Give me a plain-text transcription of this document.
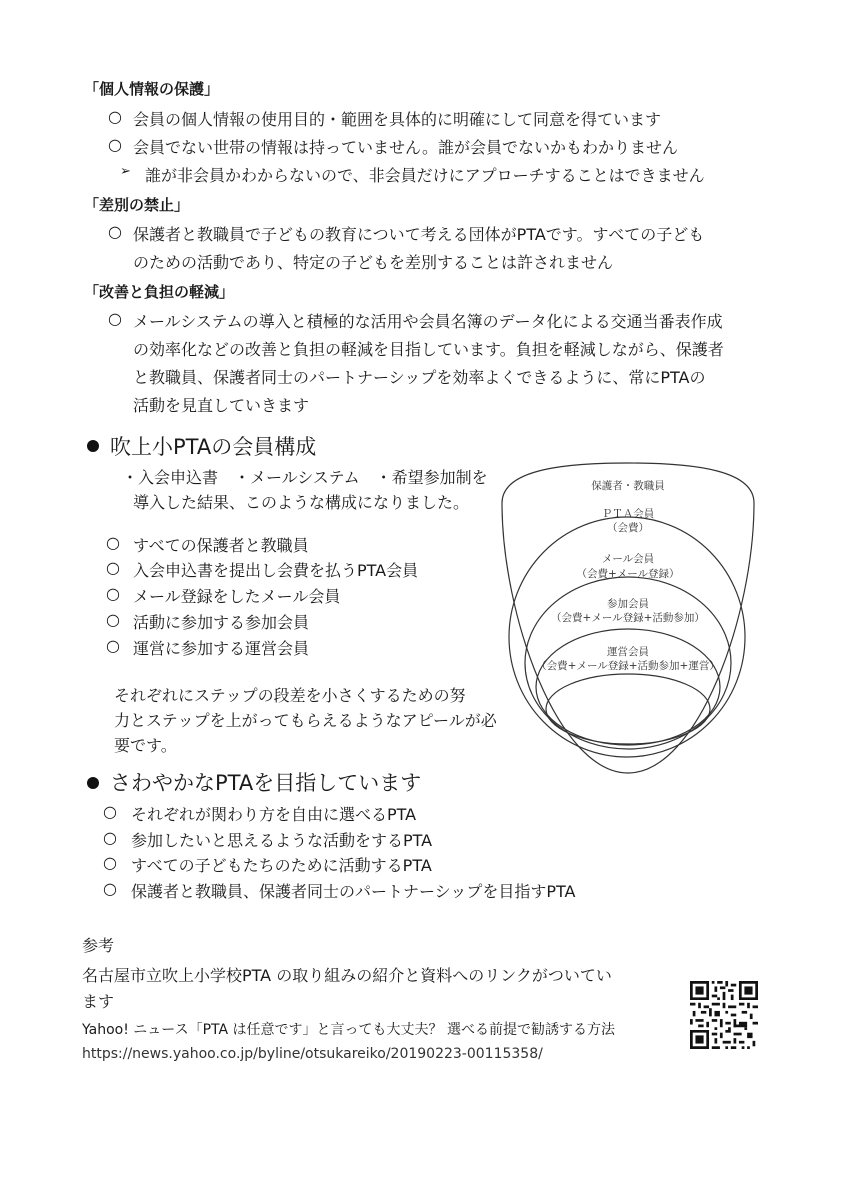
「個人情報の保護」
○ 会員の個人情報の使用目的・範囲を具体的に明確にして同意を得ています
○ 会員でない世帯の情報は持っていません。誰が会員でないかもわかりません
➢ 誰が非会員かわからないので、非会員だけにアプローチすることはできません
「差別の禁止」
○ 保護者と教職員で子どもの教育について考える団体がPTAです。すべての子ども
のための活動であり、特定の子どもを差別することは許されません
「改善と負担の軽減」
○ メールシステムの導入と積極的な活用や会員名簿のデータ化による交通当番表作成
の効率化などの改善と負担の軽減を目指しています。負担を軽減しながら、保護者
と教職員、保護者同士のパートナーシップを効率よくできるように、常にPTAの
活動を見直していきます
吹上小PTAの会員構成
・入会申込書　・メールシステム　・希望参加制を
導入した結果、このような構成になりました。
○ すべての保護者と教職員
○ 入会申込書を提出し会費を払うPTA会員
○ メール登録をしたメール会員
○ 活動に参加する参加会員
○ 運営に参加する運営会員
それぞれにステップの段差を小さくするための努
力とステップを上がってもらえるようなアピールが必
要です。
保護者・教職員
ＰＴＡ会員
（会費）
メール会員
（会費+メール登録）
参加会員
（会費+メール登録+活動参加）
運営会員
（会費+メール登録+活動参加+運営）
さわやかなPTAを目指しています
○ それぞれが関わり方を自由に選べるPTA
○ 参加したいと思えるような活動をするPTA
○ すべての子どもたちのために活動するPTA
○ 保護者と教職員、保護者同士のパートナーシップを目指すPTA
参考
名古屋市立吹上小学校PTA の取り組みの紹介と資料へのリンクがついてい
ます
Yahoo! ニュース「PTA は任意です」と言っても大丈夫？ 選べる前提で勧誘する方法
https://news.yahoo.co.jp/byline/otsukareiko/20190223-00115358/
